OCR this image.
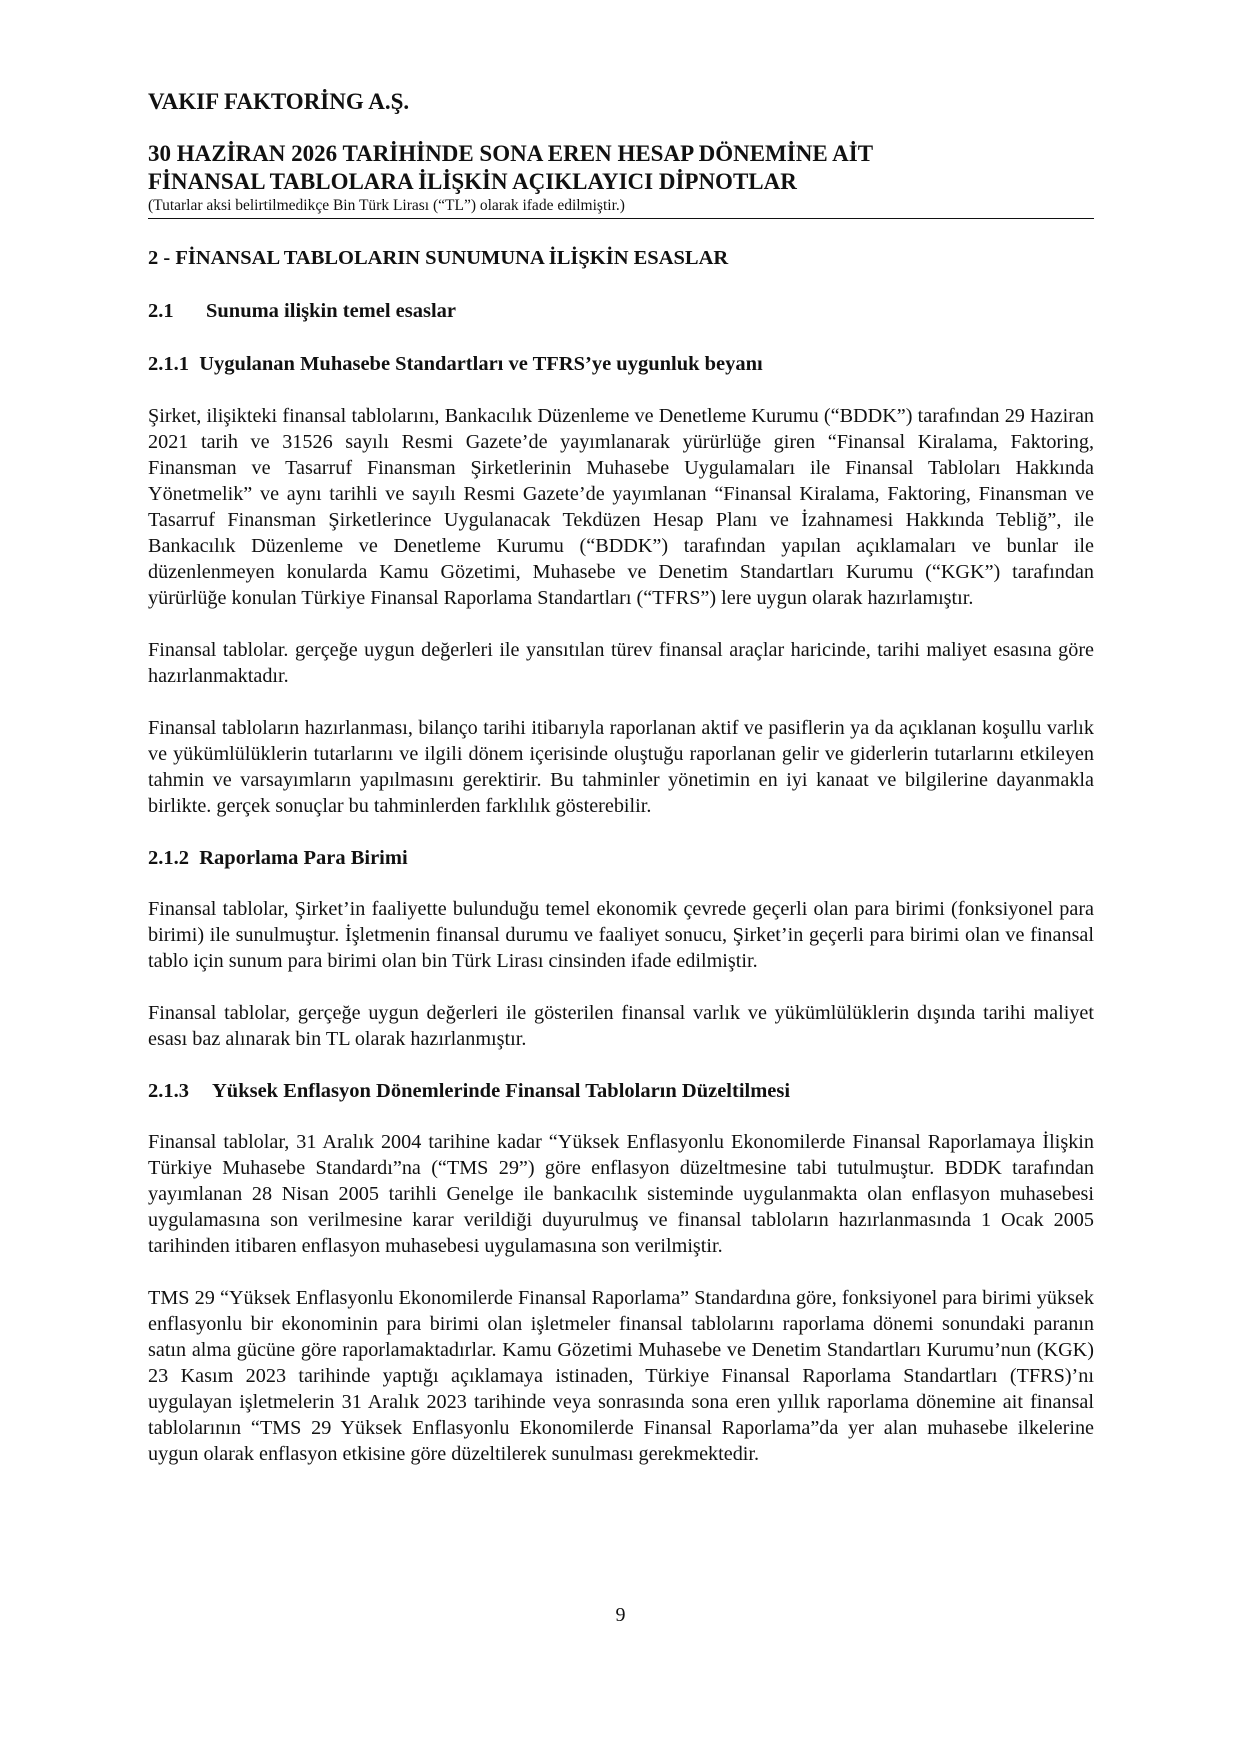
VAKIF FAKTORİNG A.Ş.
30 HAZİRAN 2026 TARİHİNDE SONA EREN HESAP DÖNEMİNE AİT
FİNANSAL TABLOLARA İLİŞKİN AÇIKLAYICI DİPNOTLAR
(Tutarlar aksi belirtilmedikçe Bin Türk Lirası (“TL”) olarak ifade edilmiştir.)
2 - FİNANSAL TABLOLARIN SUNUMUNA İLİŞKİN ESASLAR
2.1 Sunuma ilişkin temel esaslar
2.1.1 Uygulanan Muhasebe Standartları ve TFRS’ye uygunluk beyanı

Şirket, ilişikteki finansal tablolarını, Bankacılık Düzenleme ve Denetleme Kurumu (“BDDK”) tarafından 29 Haziran 2021 tarih ve 31526 sayılı Resmi Gazete’de yayımlanarak yürürlüğe giren “Finansal Kiralama, Faktoring, Finansman ve Tasarruf Finansman Şirketlerinin Muhasebe Uygulamaları ile Finansal Tabloları Hakkında Yönetmelik” ve aynı tarihli ve sayılı Resmi Gazete’de yayımlanan “Finansal Kiralama, Faktoring, Finansman ve Tasarruf Finansman Şirketlerince Uygulanacak Tekdüzen Hesap Planı ve İzahnamesi Hakkında Tebliğ”, ile Bankacılık Düzenleme ve Denetleme Kurumu (“BDDK”) tarafından yapılan açıklamaları ve bunlar ile düzenlenmeyen konularda Kamu Gözetimi, Muhasebe ve Denetim Standartları Kurumu (“KGK”) tarafından yürürlüğe konulan Türkiye Finansal Raporlama Standartları (“TFRS”) lere uygun olarak hazırlamıştır.

Finansal tablolar. gerçeğe uygun değerleri ile yansıtılan türev finansal araçlar haricinde, tarihi maliyet esasına göre hazırlanmaktadır.

Finansal tabloların hazırlanması, bilanço tarihi itibarıyla raporlanan aktif ve pasiflerin ya da açıklanan koşullu varlık ve yükümlülüklerin tutarlarını ve ilgili dönem içerisinde oluştuğu raporlanan gelir ve giderlerin tutarlarını etkileyen tahmin ve varsayımların yapılmasını gerektirir. Bu tahminler yönetimin en iyi kanaat ve bilgilerine dayanmakla birlikte. gerçek sonuçlar bu tahminlerden farklılık gösterebilir.

2.1.2 Raporlama Para Birimi

Finansal tablolar, Şirket’in faaliyette bulunduğu temel ekonomik çevrede geçerli olan para birimi (fonksiyonel para birimi) ile sunulmuştur. İşletmenin finansal durumu ve faaliyet sonucu, Şirket’in geçerli para birimi olan ve finansal tablo için sunum para birimi olan bin Türk Lirası cinsinden ifade edilmiştir.

Finansal tablolar, gerçeğe uygun değerleri ile gösterilen finansal varlık ve yükümlülüklerin dışında tarihi maliyet esası baz alınarak bin TL olarak hazırlanmıştır.

2.1.3 Yüksek Enflasyon Dönemlerinde Finansal Tabloların Düzeltilmesi

Finansal tablolar, 31 Aralık 2004 tarihine kadar “Yüksek Enflasyonlu Ekonomilerde Finansal Raporlamaya İlişkin Türkiye Muhasebe Standardı”na (“TMS 29”) göre enflasyon düzeltmesine tabi tutulmuştur. BDDK tarafından yayımlanan 28 Nisan 2005 tarihli Genelge ile bankacılık sisteminde uygulanmakta olan enflasyon muhasebesi uygulamasına son verilmesine karar verildiği duyurulmuş ve finansal tabloların hazırlanmasında 1 Ocak 2005 tarihinden itibaren enflasyon muhasebesi uygulamasına son verilmiştir.

TMS 29 “Yüksek Enflasyonlu Ekonomilerde Finansal Raporlama” Standardına göre, fonksiyonel para birimi yüksek enflasyonlu bir ekonominin para birimi olan işletmeler finansal tablolarını raporlama dönemi sonundaki paranın satın alma gücüne göre raporlamaktadırlar. Kamu Gözetimi Muhasebe ve Denetim Standartları Kurumu’nun (KGK) 23 Kasım 2023 tarihinde yaptığı açıklamaya istinaden, Türkiye Finansal Raporlama Standartları (TFRS)’nı uygulayan işletmelerin 31 Aralık 2023 tarihinde veya sonrasında sona eren yıllık raporlama dönemine ait finansal tablolarının “TMS 29 Yüksek Enflasyonlu Ekonomilerde Finansal Raporlama”da yer alan muhasebe ilkelerine uygun olarak enflasyon etkisine göre düzeltilerek sunulması gerekmektedir.

9
